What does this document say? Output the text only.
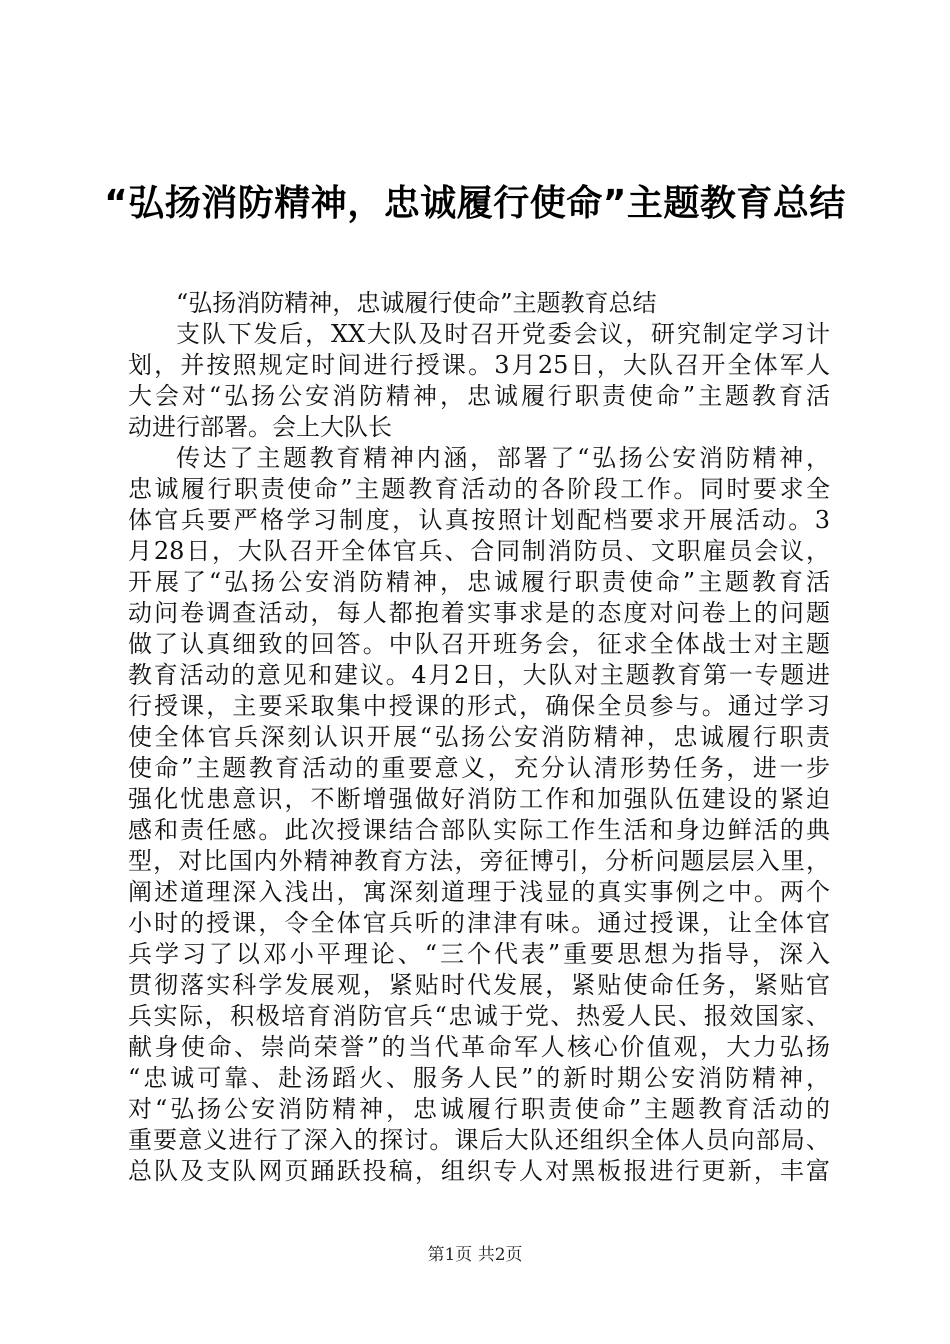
“弘扬消防精神，忠诚履行使命”主题教育总结
“弘扬消防精神，忠诚履行使命”主题教育总结
支队下发后，XX大队及时召开党委会议，研究制定学习计
划，并按照规定时间进行授课。3月25日，大队召开全体军人
大会对“弘扬公安消防精神，忠诚履行职责使命”主题教育活
动进行部署。会上大队长
传达了主题教育精神内涵，部署了“弘扬公安消防精神，
忠诚履行职责使命”主题教育活动的各阶段工作。同时要求全
体官兵要严格学习制度，认真按照计划配档要求开展活动。3
月28日，大队召开全体官兵、合同制消防员、文职雇员会议，
开展了“弘扬公安消防精神，忠诚履行职责使命”主题教育活
动问卷调查活动，每人都抱着实事求是的态度对问卷上的问题
做了认真细致的回答。中队召开班务会，征求全体战士对主题
教育活动的意见和建议。4月2日，大队对主题教育第一专题进
行授课，主要采取集中授课的形式，确保全员参与。通过学习
使全体官兵深刻认识开展“弘扬公安消防精神，忠诚履行职责
使命”主题教育活动的重要意义，充分认清形势任务，进一步
强化忧患意识，不断增强做好消防工作和加强队伍建设的紧迫
感和责任感。此次授课结合部队实际工作生活和身边鲜活的典
型，对比国内外精神教育方法，旁征博引，分析问题层层入里，
阐述道理深入浅出，寓深刻道理于浅显的真实事例之中。两个
小时的授课，令全体官兵听的津津有味。通过授课，让全体官
兵学习了以邓小平理论、“三个代表”重要思想为指导，深入
贯彻落实科学发展观，紧贴时代发展，紧贴使命任务，紧贴官
兵实际，积极培育消防官兵“忠诚于党、热爱人民、报效国家、
献身使命、崇尚荣誉”的当代革命军人核心价值观，大力弘扬
“忠诚可靠、赴汤蹈火、服务人民”的新时期公安消防精神，
对“弘扬公安消防精神，忠诚履行职责使命”主题教育活动的
重要意义进行了深入的探讨。课后大队还组织全体人员向部局、
总队及支队网页踊跃投稿，组织专人对黑板报进行更新，丰富
第1页 共2页
